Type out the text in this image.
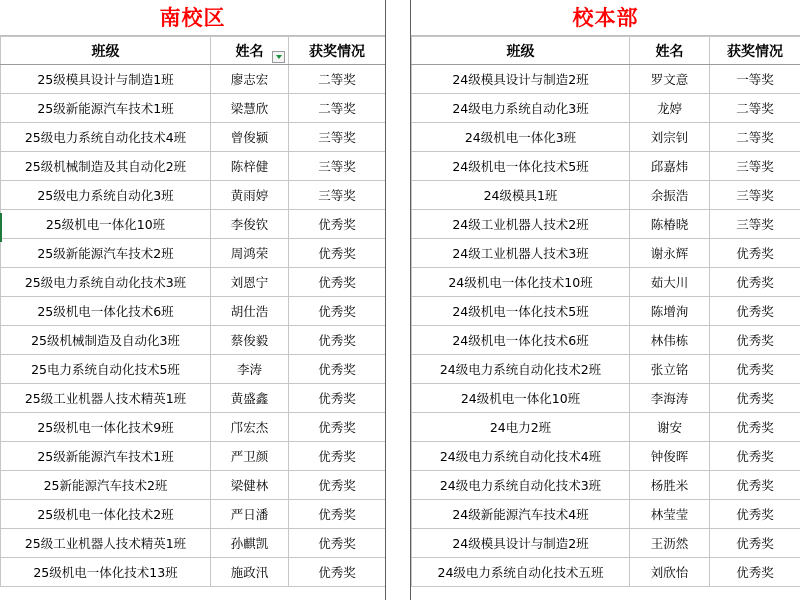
南校区
班级	姓名	获奖情况
25级模具设计与制造1班	廖志宏	二等奖
25级新能源汽车技术1班	梁慧欣	二等奖
25级电力系统自动化技术4班	曾俊颍	三等奖
25级机械制造及其自动化2班	陈梓健	三等奖
25级电力系统自动化3班	黄雨婷	三等奖
25级机电一体化10班	李俊钦	优秀奖
25级新能源汽车技术2班	周鸿荣	优秀奖
25级电力系统自动化技术3班	刘恩宁	优秀奖
25级机电一体化技术6班	胡仕浩	优秀奖
25级机械制造及自动化3班	蔡俊毅	优秀奖
25电力系统自动化技术5班	李涛	优秀奖
25级工业机器人技术精英1班	黄盛鑫	优秀奖
25级机电一体化技术9班	邝宏杰	优秀奖
25级新能源汽车技术1班	严卫颜	优秀奖
25新能源汽车技术2班	梁健林	优秀奖
25级机电一体化技术2班	严日潘	优秀奖
25级工业机器人技术精英1班	孙麒凯	优秀奖
25级机电一体化技术13班	施政汛	优秀奖
校本部
班级	姓名	获奖情况
24级模具设计与制造2班	罗文意	一等奖
24级电力系统自动化3班	龙婷	二等奖
24级机电一体化3班	刘宗钊	二等奖
24级机电一体化技术5班	邱嘉炜	三等奖
24级模具1班	余振浩	三等奖
24级工业机器人技术2班	陈椿晓	三等奖
24级工业机器人技术3班	谢永辉	优秀奖
24级机电一体化技术10班	茹大川	优秀奖
24级机电一体化技术5班	陈增洵	优秀奖
24级机电一体化技术6班	林伟栋	优秀奖
24级电力系统自动化技术2班	张立铭	优秀奖
24级机电一体化10班	李海涛	优秀奖
24电力2班	谢安	优秀奖
24级电力系统自动化技术4班	钟俊晖	优秀奖
24级电力系统自动化技术3班	杨胜米	优秀奖
24级新能源汽车技术4班	林莹莹	优秀奖
24级模具设计与制造2班	王沥然	优秀奖
24级电力系统自动化技术五班	刘欣怡	优秀奖
